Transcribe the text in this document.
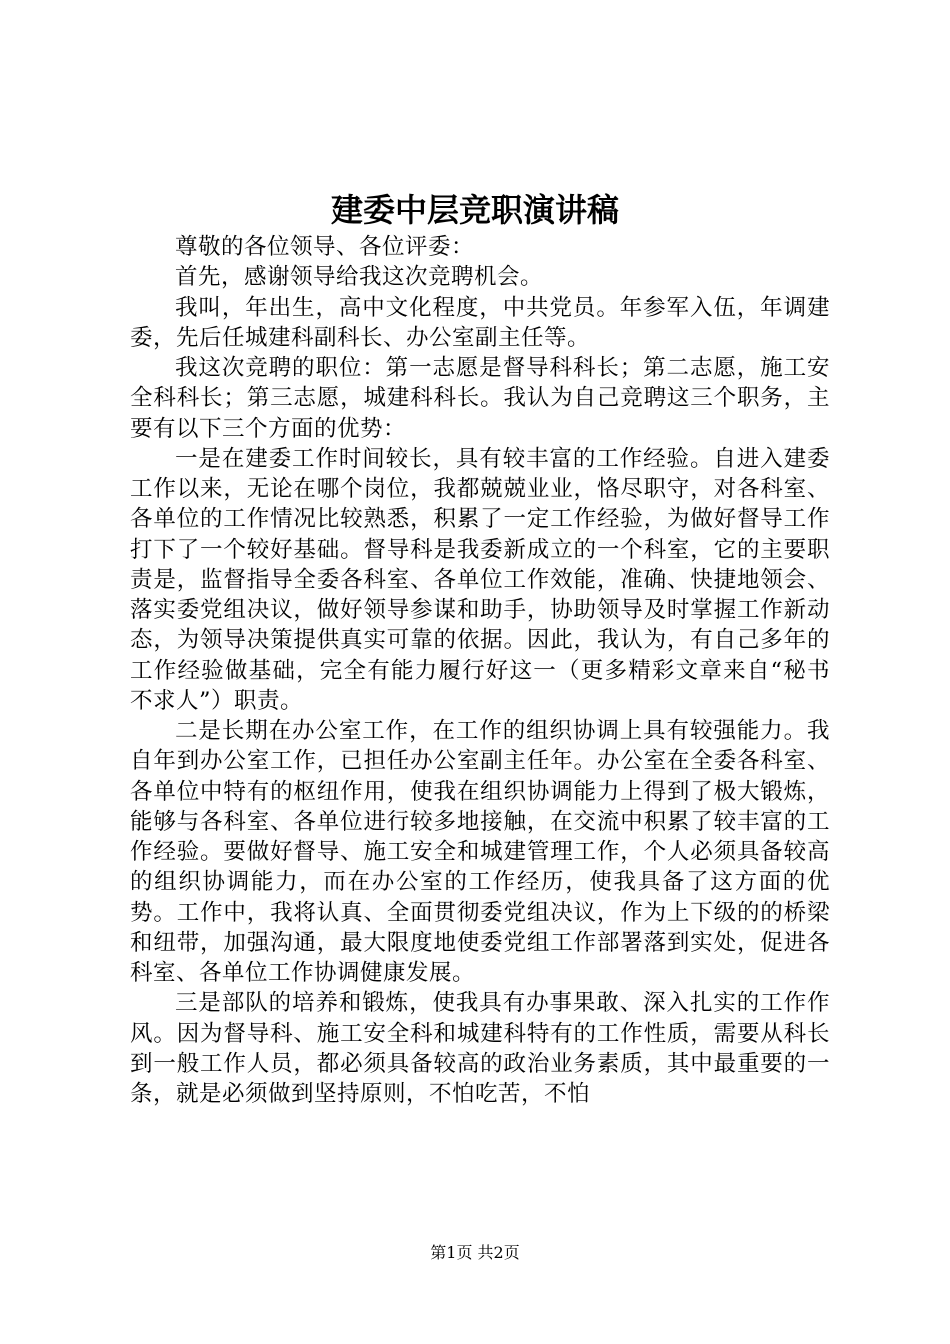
建委中层竞职演讲稿

尊敬的各位领导、各位评委：

首先，感谢领导给我这次竞聘机会。

我叫，年出生，高中文化程度，中共党员。年参军入伍，年调建委，先后任城建科副科长、办公室副主任等。

我这次竞聘的职位：第一志愿是督导科科长；第二志愿，施工安全科科长；第三志愿，城建科科长。我认为自己竞聘这三个职务，主要有以下三个方面的优势：

一是在建委工作时间较长，具有较丰富的工作经验。自进入建委工作以来，无论在哪个岗位，我都兢兢业业，恪尽职守，对各科室、各单位的工作情况比较熟悉，积累了一定工作经验，为做好督导工作打下了一个较好基础。督导科是我委新成立的一个科室，它的主要职责是，监督指导全委各科室、各单位工作效能，准确、快捷地领会、落实委党组决议，做好领导参谋和助手，协助领导及时掌握工作新动态，为领导决策提供真实可靠的依据。因此，我认为，有自己多年的工作经验做基础，完全有能力履行好这一（更多精彩文章来自“秘书不求人”）职责。

二是长期在办公室工作，在工作的组织协调上具有较强能力。我自年到办公室工作，已担任办公室副主任年。办公室在全委各科室、各单位中特有的枢纽作用，使我在组织协调能力上得到了极大锻炼，能够与各科室、各单位进行较多地接触，在交流中积累了较丰富的工作经验。要做好督导、施工安全和城建管理工作，个人必须具备较高的组织协调能力，而在办公室的工作经历，使我具备了这方面的优势。工作中，我将认真、全面贯彻委党组决议，作为上下级的的桥梁和纽带，加强沟通，最大限度地使委党组工作部署落到实处，促进各科室、各单位工作协调健康发展。

三是部队的培养和锻炼，使我具有办事果敢、深入扎实的工作作风。因为督导科、施工安全科和城建科特有的工作性质，需要从科长到一般工作人员，都必须具备较高的政治业务素质，其中最重要的一条，就是必须做到坚持原则，不怕吃苦，不怕

第1页 共2页
